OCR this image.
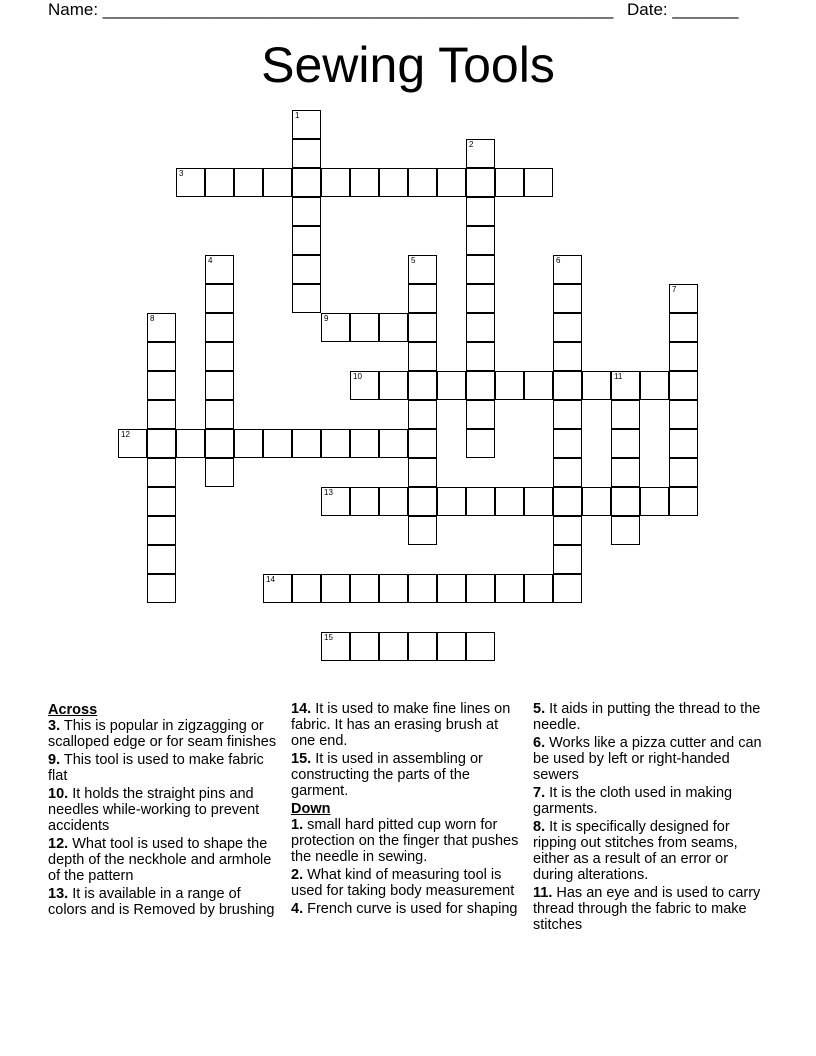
Name: ______________________________________________________ Date: _______
Sewing Tools
1
2
3
4	5	6
7
8	9
10	11
12
13
14
15
Across
3. This is popular in zigzagging or scalloped edge or for seam finishes
9. This tool is used to make fabric flat
10. It holds the straight pins and needles while-working to prevent accidents
12. What tool is used to shape the depth of the neckhole and armhole of the pattern
13. It is available in a range of colors and is Removed by brushing
14. It is used to make fine lines on fabric. It has an erasing brush at one end.
15. It is used in assembling or constructing the parts of the garment.
Down
1. small hard pitted cup worn for protection on the finger that pushes the needle in sewing.
2. What kind of measuring tool is used for taking body measurement
4. French curve is used for shaping
5. It aids in putting the thread to the needle.
6. Works like a pizza cutter and can be used by left or right-handed sewers
7. It is the cloth used in making garments.
8. It is specifically designed for ripping out stitches from seams, either as a result of an error or during alterations.
11. Has an eye and is used to carry thread through the fabric to make stitches
